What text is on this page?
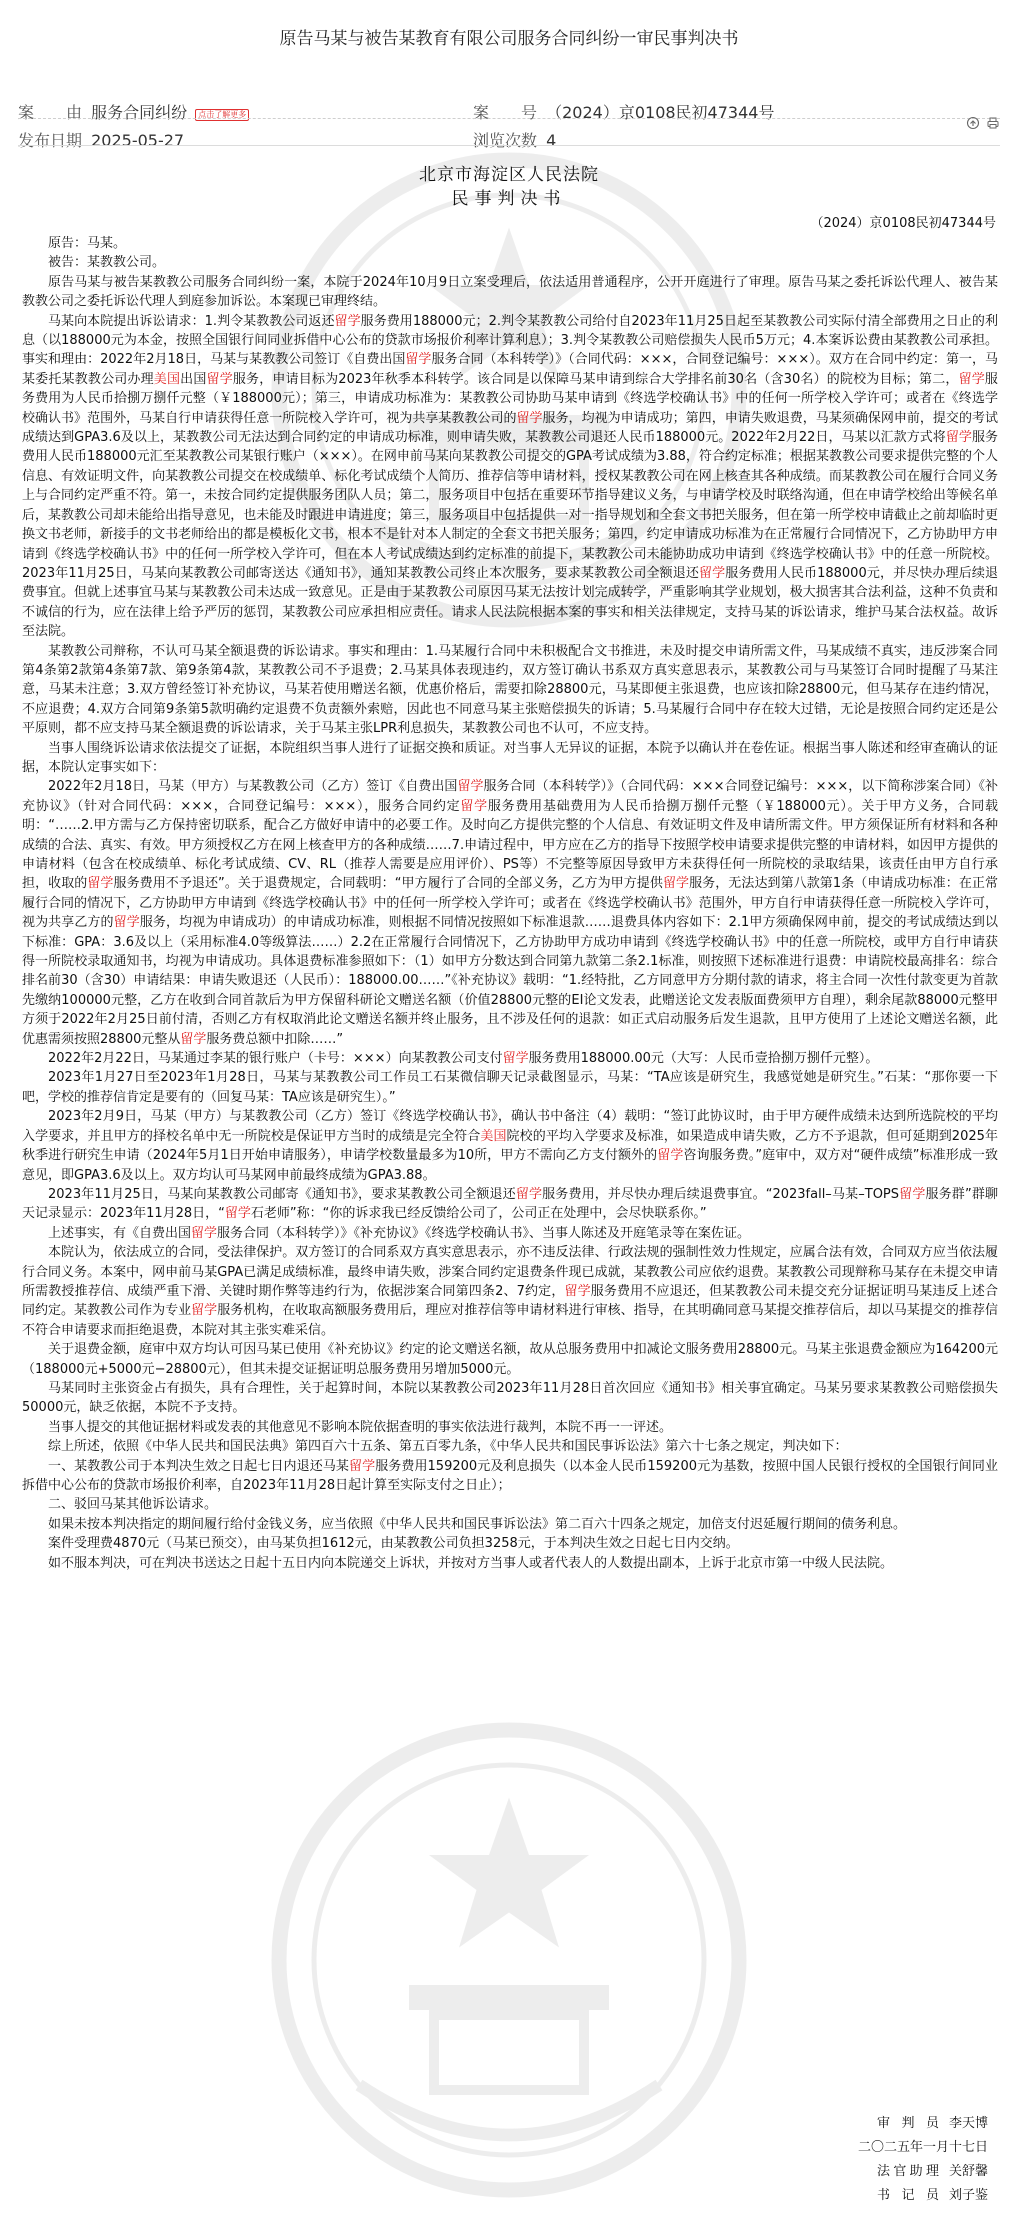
原告马某与被告某教育有限公司服务合同纠纷一审民事判决书
案　　由 服务合同纠纷 点击了解更多	案　　号 （2024）京0108民初47344号
发布日期 2025-05-27	浏览次数 4
北京市海淀区人民法院
民事判决书
（2024）京0108民初47344号

原告：马某。

被告：某教教公司。

原告马某与被告某教教公司服务合同纠纷一案，本院于2024年10月9日立案受理后，依法适用普通程序，公开开庭进行了审理。原告马某之委托诉讼代理人、被告某教教公司之委托诉讼代理人到庭参加诉讼。本案现已审理终结。

马某向本院提出诉讼请求：1.判令某教教公司返还留学服务费用188000元；2.判令某教教公司给付自2023年11月25日起至某教教公司实际付清全部费用之日止的利息（以188000元为本金，按照全国银行间同业拆借中心公布的贷款市场报价利率计算利息）；3.判令某教教公司赔偿损失人民币5万元；4.本案诉讼费由某教教公司承担。事实和理由：2022年2月18日，马某与某教教公司签订《自费出国留学服务合同（本科转学）》（合同代码：×××，合同登记编号：×××）。双方在合同中约定：第一，马某委托某教教公司办理美国出国留学服务，申请目标为2023年秋季本科转学。该合同是以保障马某申请到综合大学排名前30名（含30名）的院校为目标；第二，留学服务费用为人民币拾捌万捌仟元整（￥188000元）；第三，申请成功标准为：某教教公司协助马某申请到《终选学校确认书》中的任何一所学校入学许可；或者在《终选学校确认书》范围外，马某自行申请获得任意一所院校入学许可，视为共享某教教公司的留学服务，均视为申请成功；第四，申请失败退费，马某须确保网申前，提交的考试成绩达到GPA3.6及以上，某教教公司无法达到合同约定的申请成功标准，则申请失败，某教教公司退还人民币188000元。2022年2月22日，马某以汇款方式将留学服务费用人民币188000元汇至某教教公司某银行账户（×××）。在网申前马某向某教教公司提交的GPA考试成绩为3.88，符合约定标准；根据某教教公司要求提供完整的个人信息、有效证明文件，向某教教公司提交在校成绩单、标化考试成绩个人简历、推荐信等申请材料，授权某教教公司在网上核查其各种成绩。而某教教公司在履行合同义务上与合同约定严重不符。第一，未按合同约定提供服务团队人员；第二，服务项目中包括在重要环节指导建议义务，与申请学校及时联络沟通，但在申请学校给出等候名单后，某教教公司却未能给出指导意见，也未能及时跟进申请进度；第三，服务项目中包括提供一对一指导规划和全套文书把关服务，但在第一所学校申请截止之前却临时更换文书老师，新接手的文书老师给出的都是模板化文书，根本不是针对本人制定的全套文书把关服务；第四，约定申请成功标准为在正常履行合同情况下，乙方协助甲方申请到《终选学校确认书》中的任何一所学校入学许可，但在本人考试成绩达到约定标准的前提下，某教教公司未能协助成功申请到《终选学校确认书》中的任意一所院校。2023年11月25日，马某向某教教公司邮寄送达《通知书》，通知某教教公司终止本次服务，要求某教教公司全额退还留学服务费用人民币188000元，并尽快办理后续退费事宜。但就上述事宜马某与某教教公司未达成一致意见。正是由于某教教公司原因马某无法按计划完成转学，严重影响其学业规划，极大损害其合法利益，这种不负责和不诚信的行为，应在法律上给予严厉的惩罚，某教教公司应承担相应责任。请求人民法院根据本案的事实和相关法律规定，支持马某的诉讼请求，维护马某合法权益。故诉至法院。

某教教公司辩称，不认可马某全额退费的诉讼请求。事实和理由：1.马某履行合同中未积极配合文书推进，未及时提交申请所需文件，马某成绩不真实，违反涉案合同第4条第2款第4条第7款、第9条第4款，某教教公司不予退费；2.马某具体表现违约，双方签订确认书系双方真实意思表示，某教教公司与马某签订合同时提醒了马某注意，马某未注意；3.双方曾经签订补充协议，马某若使用赠送名额，优惠价格后，需要扣除28800元，马某即便主张退费，也应该扣除28800元，但马某存在违约情况，不应退费；4.双方合同第9条第5款明确约定退费不负责额外索赔，因此也不同意马某主张赔偿损失的诉请；5.马某履行合同中存在较大过错，无论是按照合同约定还是公平原则，都不应支持马某全额退费的诉讼请求，关于马某主张LPR利息损失，某教教公司也不认可，不应支持。

当事人围绕诉讼请求依法提交了证据，本院组织当事人进行了证据交换和质证。对当事人无异议的证据，本院予以确认并在卷佐证。根据当事人陈述和经审查确认的证据，本院认定事实如下：

2022年2月18日，马某（甲方）与某教教公司（乙方）签订《自费出国留学服务合同（本科转学）》（合同代码：×××合同登记编号：×××，以下简称涉案合同）《补充协议》（针对合同代码：×××，合同登记编号：×××），服务合同约定留学服务费用基础费用为人民币拾捌万捌仟元整（￥188000元）。关于甲方义务，合同载明：“……2.甲方需与乙方保持密切联系，配合乙方做好申请中的必要工作。及时向乙方提供完整的个人信息、有效证明文件及申请所需文件。甲方须保证所有材料和各种成绩的合法、真实、有效。甲方须授权乙方在网上核查甲方的各种成绩……7.申请过程中，甲方应在乙方的指导下按照学校申请要求提供完整的申请材料，如因甲方提供的申请材料（包含在校成绩单、标化考试成绩、CV、RL（推荐人需要是应用评价）、PS等）不完整等原因导致甲方未获得任何一所院校的录取结果，该责任由甲方自行承担，收取的留学服务费用不予退还”。关于退费规定，合同载明：“甲方履行了合同的全部义务，乙方为甲方提供留学服务，无法达到第八款第1条（申请成功标准：在正常履行合同的情况下，乙方协助甲方申请到《终选学校确认书》中的任何一所学校入学许可；或者在《终选学校确认书》范围外，甲方自行申请获得任意一所院校入学许可，视为共享乙方的留学服务，均视为申请成功）的申请成功标准，则根据不同情况按照如下标准退款……退费具体内容如下：2.1甲方须确保网申前，提交的考试成绩达到以下标准：GPA：3.6及以上（采用标准4.0等级算法……）2.2在正常履行合同情况下，乙方协助甲方成功申请到《终选学校确认书》中的任意一所院校，或甲方自行申请获得一所院校录取通知书，均视为申请成功。具体退费标准参照如下：（1）如甲方分数达到合同第九款第二条2.1标准，则按照下述标准进行退费：申请院校最高排名：综合排名前30（含30）申请结果：申请失败退还（人民币）：188000.00……”《补充协议》载明：“1.经特批，乙方同意甲方分期付款的请求，将主合同一次性付款变更为首款先缴纳100000元整，乙方在收到合同首款后为甲方保留科研论文赠送名额（价值28800元整的EI论文发表，此赠送论文发表版面费须甲方自理），剩余尾款88000元整甲方须于2022年2月25日前付清，否则乙方有权取消此论文赠送名额并终止服务，且不涉及任何的退款：如正式启动服务后发生退款，且甲方使用了上述论文赠送名额，此优惠需须按照28800元整从留学服务费总额中扣除……”

2022年2月22日，马某通过李某的银行账户（卡号：×××）向某教教公司支付留学服务费用188000.00元（大写：人民币壹拾捌万捌仟元整）。

2023年1月27日至2023年1月28日，马某与某教教公司工作员工石某微信聊天记录截图显示，马某：“TA应该是研究生，我感觉她是研究生。”石某：“那你要一下吧，学校的推荐信肯定是要有的（回复马某：TA应该是研究生）。”

2023年2月9日，马某（甲方）与某教教公司（乙方）签订《终选学校确认书》，确认书中备注（4）载明：“签订此协议时，由于甲方硬件成绩未达到所选院校的平均入学要求，并且甲方的择校名单中无一所院校是保证甲方当时的成绩是完全符合美国院校的平均入学要求及标准，如果造成申请失败，乙方不予退款，但可延期到2025年秋季进行研究生申请（2024年5月1日开始申请服务），申请学校数量最多为10所，甲方不需向乙方支付额外的留学咨询服务费。”庭审中，双方对“硬件成绩”标准形成一致意见，即GPA3.6及以上。双方均认可马某网申前最终成绩为GPA3.88。

2023年11月25日，马某向某教教公司邮寄《通知书》，要求某教教公司全额退还留学服务费用，并尽快办理后续退费事宜。“2023fall–马某–TOPS留学服务群”群聊天记录显示：2023年11月28日，“留学石老师”称：“你的诉求我已经反馈给公司了，公司正在处理中，会尽快联系你。”

上述事实，有《自费出国留学服务合同（本科转学）》《补充协议》《终选学校确认书》、当事人陈述及开庭笔录等在案佐证。

本院认为，依法成立的合同，受法律保护。双方签订的合同系双方真实意思表示，亦不违反法律、行政法规的强制性效力性规定，应属合法有效，合同双方应当依法履行合同义务。本案中，网申前马某GPA已满足成绩标准，最终申请失败，涉案合同约定退费条件现已成就，某教教公司应依约退费。某教教公司现辩称马某存在未提交申请所需教授推荐信、成绩严重下滑、关键时期作弊等违约行为，依据涉案合同第四条2、7约定，留学服务费用不应退还，但某教教公司未提交充分证据证明马某违反上述合同约定。某教教公司作为专业留学服务机构，在收取高额服务费用后，理应对推荐信等申请材料进行审核、指导，在其明确同意马某提交推荐信后，却以马某提交的推荐信不符合申请要求而拒绝退费，本院对其主张实难采信。

关于退费金额，庭审中双方均认可因马某已使用《补充协议》约定的论文赠送名额，故从总服务费用中扣减论文服务费用28800元。马某主张退费金额应为164200元（188000元+5000元−28800元），但其未提交证据证明总服务费用另增加5000元。

马某同时主张资金占有损失，具有合理性，关于起算时间，本院以某教教公司2023年11月28日首次回应《通知书》相关事宜确定。马某另要求某教教公司赔偿损失50000元，缺乏依据，本院不予支持。

当事人提交的其他证据材料或发表的其他意见不影响本院依据查明的事实依法进行裁判，本院不再一一评述。

综上所述，依照《中华人民共和国民法典》第四百六十五条、第五百零九条，《中华人民共和国民事诉讼法》第六十七条之规定，判决如下：

一、某教教公司于本判决生效之日起七日内退还马某留学服务费用159200元及利息损失（以本金人民币159200元为基数，按照中国人民银行授权的全国银行间同业拆借中心公布的贷款市场报价利率，自2023年11月28日起计算至实际支付之日止）；

二、驳回马某其他诉讼请求。

如果未按本判决指定的期间履行给付金钱义务，应当依照《中华人民共和国民事诉讼法》第二百六十四条之规定，加倍支付迟延履行期间的债务利息。

案件受理费4870元（马某已预交），由马某负担1612元，由某教教公司负担3258元，于本判决生效之日起七日内交纳。

如不服本判决，可在判决书送达之日起十五日内向本院递交上诉状，并按对方当事人或者代表人的人数提出副本，上诉于北京市第一中级人民法院。

审判员 李天博
二〇二五年一月十七日
法官助理 关舒馨
书记员 刘子鉴
